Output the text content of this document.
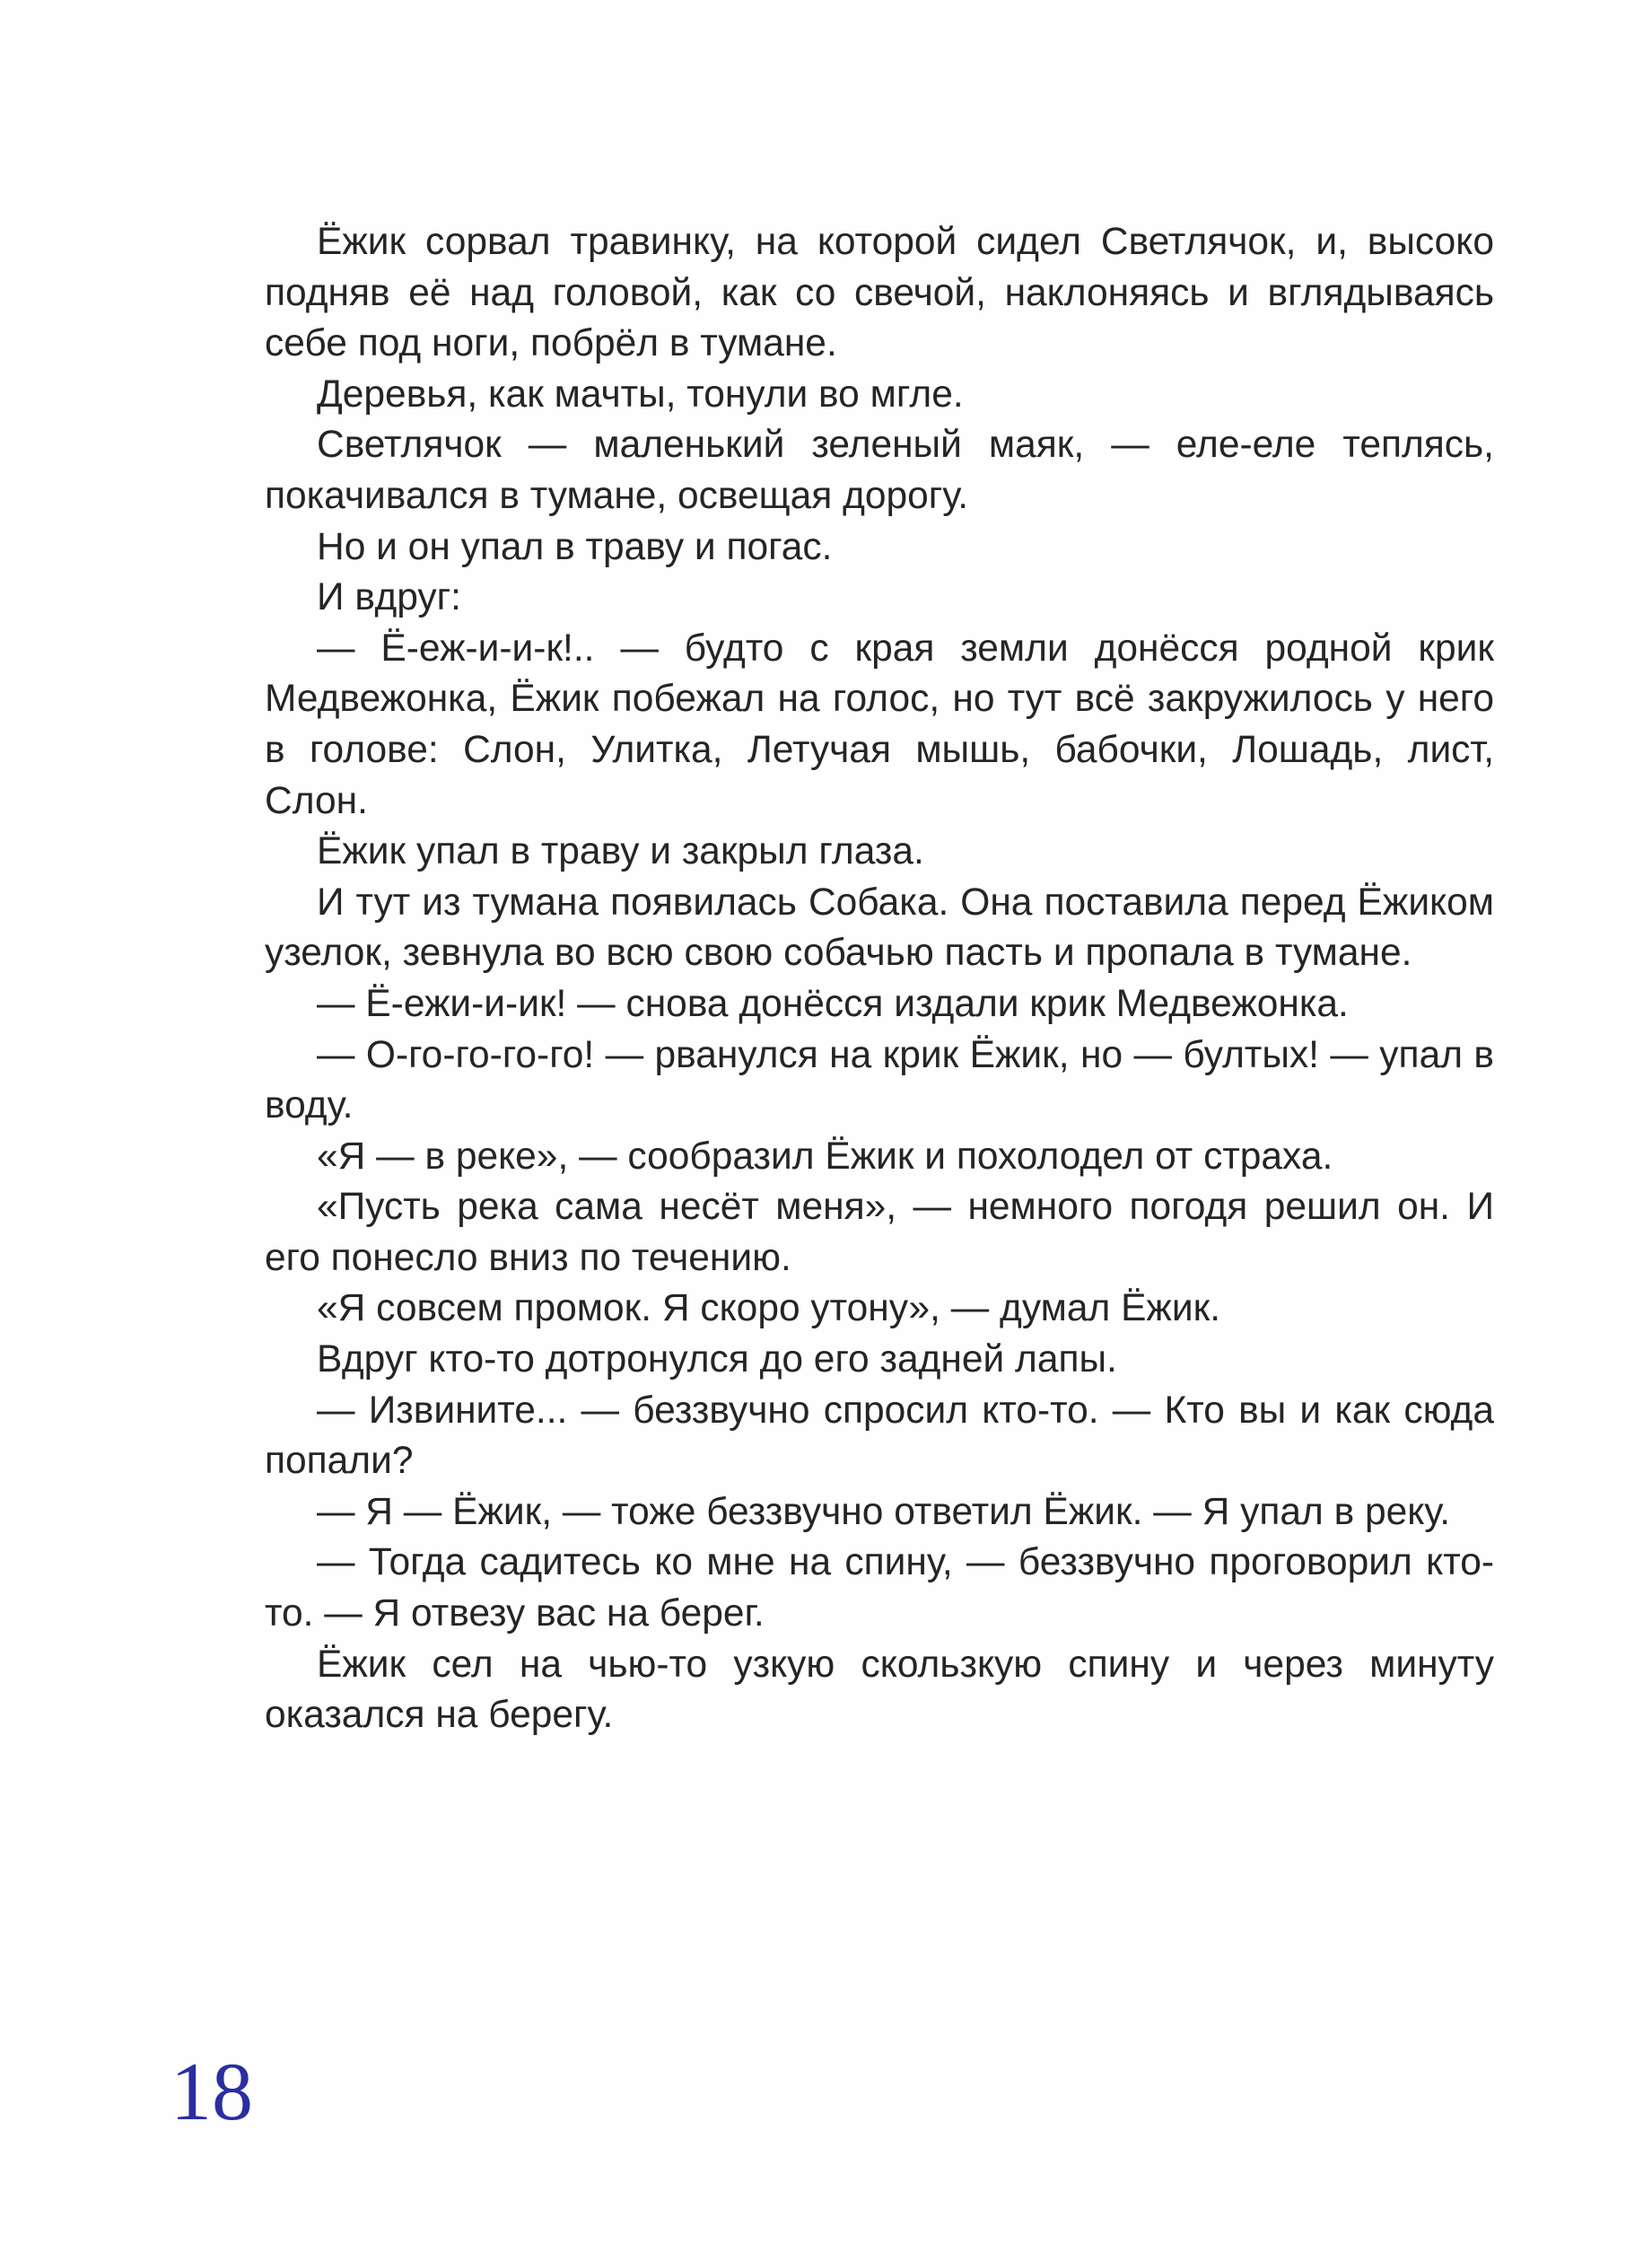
Ёжик сорвал травинку, на которой сидел Светлячок, и, высоко подняв её над головой, как со свечой, наклоняясь и вглядываясь себе под ноги, побрёл в тумане.

Деревья, как мачты, тонули во мгле.

Светлячок — маленький зеленый маяк, — еле-еле теплясь, покачивался в тумане, освещая дорогу.

Но и он упал в траву и погас.

И вдруг:

— Ё-еж-и-и-к!.. — будто с края земли донёсся родной крик Медвежонка, Ёжик побежал на голос, но тут всё закружилось у него в голове: Слон, Улитка, Летучая мышь, бабочки, Лошадь, лист, Слон.

Ёжик упал в траву и закрыл глаза.

И тут из тумана появилась Собака. Она поставила перед Ёжиком узелок, зевнула во всю свою собачью пасть и пропала в тумане.

— Ё-ежи-и-ик! — снова донёсся издали крик Медвежонка.

— О-го-го-го-го! — рванулся на крик Ёжик, но — бултых! — упал в воду.

«Я — в реке», — сообразил Ёжик и похолодел от страха.

«Пусть река сама несёт меня», — немного погодя решил он. И его понесло вниз по течению.

«Я совсем промок. Я скоро утону», — думал Ёжик.

Вдруг кто-то дотронулся до его задней лапы.

— Извините... — беззвучно спросил кто-то. — Кто вы и как сюда попали?

— Я — Ёжик, — тоже беззвучно ответил Ёжик. — Я упал в реку.

— Тогда садитесь ко мне на спину, — беззвучно проговорил кто-то. — Я отвезу вас на берег.

Ёжик сел на чью-то узкую скользкую спину и через минуту оказался на берегу.

18
